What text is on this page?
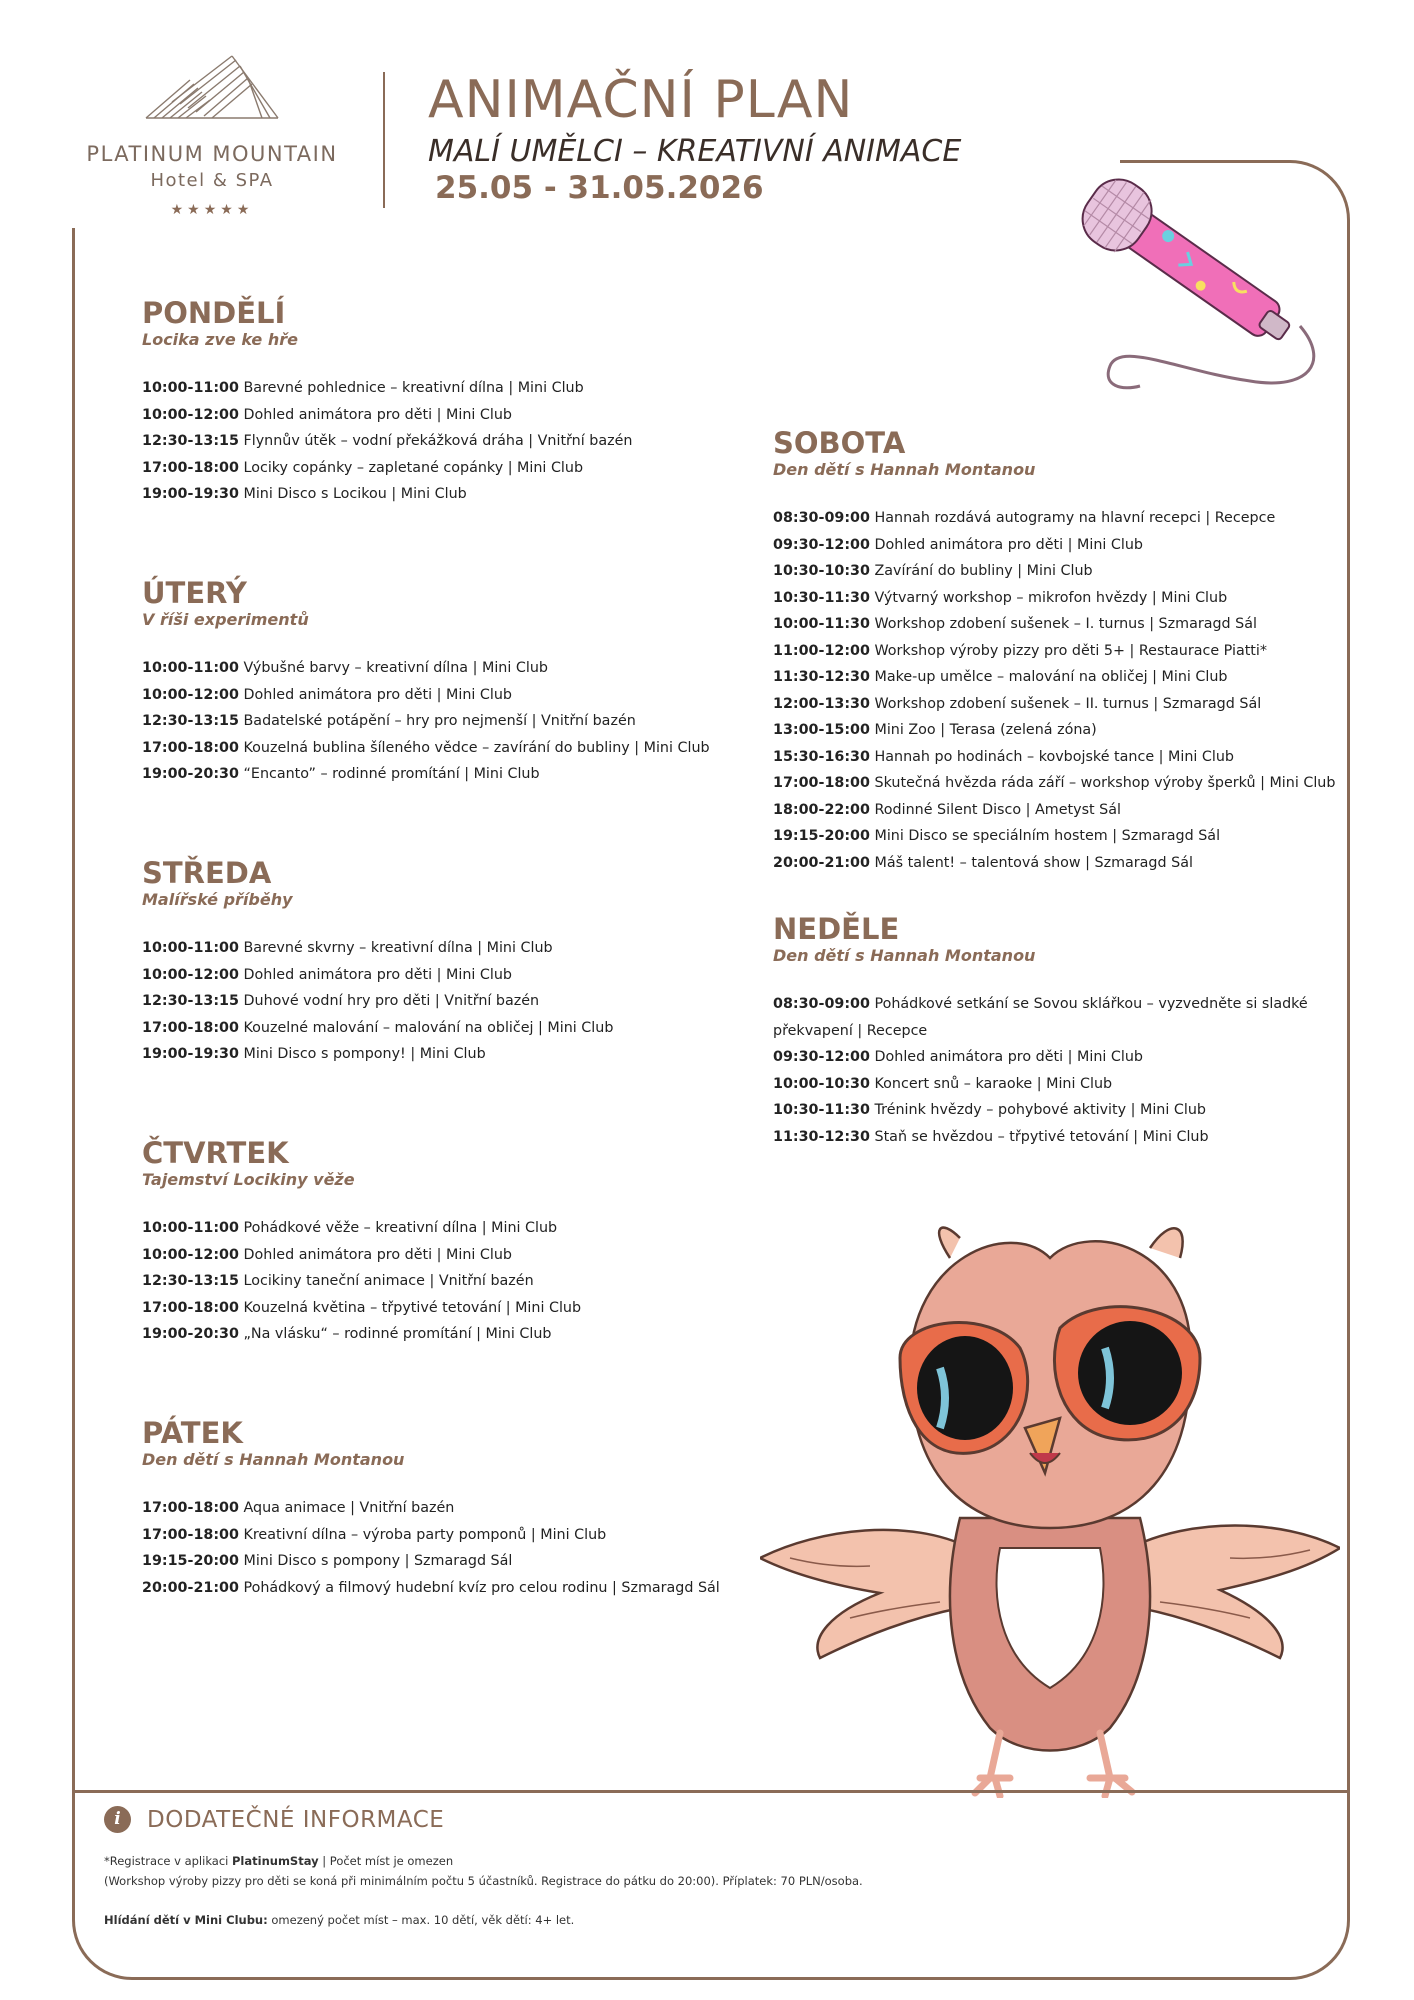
PLATINUM MOUNTAIN
Hotel & SPA
★★★★★
ANIMAČNÍ PLAN
MALÍ UMĚLCI – KREATIVNÍ ANIMACE
25.05 - 31.05.2026
PONDĚLÍ
Locika zve ke hře
10:00-11:00 Barevné pohlednice – kreativní dílna | Mini Club
10:00-12:00 Dohled animátora pro děti | Mini Club
12:30-13:15 Flynnův útěk – vodní překážková dráha | Vnitřní bazén
17:00-18:00 Lociky copánky – zapletané copánky | Mini Club
19:00-19:30 Mini Disco s Locikou | Mini Club
ÚTERÝ
V říši experimentů
10:00-11:00 Výbušné barvy – kreativní dílna | Mini Club
10:00-12:00 Dohled animátora pro děti | Mini Club
12:30-13:15 Badatelské potápění – hry pro nejmenší | Vnitřní bazén
17:00-18:00 Kouzelná bublina šíleného vědce – zavírání do bubliny | Mini Club
19:00-20:30 “Encanto” – rodinné promítání | Mini Club
STŘEDA
Malířské příběhy
10:00-11:00 Barevné skvrny – kreativní dílna | Mini Club
10:00-12:00 Dohled animátora pro děti | Mini Club
12:30-13:15 Duhové vodní hry pro děti | Vnitřní bazén
17:00-18:00 Kouzelné malování – malování na obličej | Mini Club
19:00-19:30 Mini Disco s pompony! | Mini Club
ČTVRTEK
Tajemství Locikiny věže
10:00-11:00 Pohádkové věže – kreativní dílna | Mini Club
10:00-12:00 Dohled animátora pro děti | Mini Club
12:30-13:15 Locikiny taneční animace | Vnitřní bazén
17:00-18:00 Kouzelná květina – třpytivé tetování | Mini Club
19:00-20:30 „Na vlásku“ – rodinné promítání | Mini Club
PÁTEK
Den dětí s Hannah Montanou
17:00-18:00 Aqua animace | Vnitřní bazén
17:00-18:00 Kreativní dílna – výroba party pomponů | Mini Club
19:15-20:00 Mini Disco s pompony | Szmaragd Sál
20:00-21:00 Pohádkový a filmový hudební kvíz pro celou rodinu | Szmaragd Sál
SOBOTA
Den dětí s Hannah Montanou
08:30-09:00 Hannah rozdává autogramy na hlavní recepci | Recepce
09:30-12:00 Dohled animátora pro děti | Mini Club
10:30-10:30 Zavírání do bubliny | Mini Club
10:30-11:30 Výtvarný workshop – mikrofon hvězdy | Mini Club
10:00-11:30 Workshop zdobení sušenek – I. turnus | Szmaragd Sál
11:00-12:00 Workshop výroby pizzy pro děti 5+ | Restaurace Piatti*
11:30-12:30 Make-up umělce – malování na obličej | Mini Club
12:00-13:30 Workshop zdobení sušenek – II. turnus | Szmaragd Sál
13:00-15:00 Mini Zoo | Terasa (zelená zóna)
15:30-16:30 Hannah po hodinách – kovbojské tance | Mini Club
17:00-18:00 Skutečná hvězda ráda září – workshop výroby šperků | Mini Club
18:00-22:00 Rodinné Silent Disco | Ametyst Sál
19:15-20:00 Mini Disco se speciálním hostem | Szmaragd Sál
20:00-21:00 Máš talent! – talentová show | Szmaragd Sál
NEDĚLE
Den dětí s Hannah Montanou
08:30-09:00 Pohádkové setkání se Sovou sklářkou – vyzvedněte si sladké překvapení | Recepce
09:30-12:00 Dohled animátora pro děti | Mini Club
10:00-10:30 Koncert snů – karaoke | Mini Club
10:30-11:30 Trénink hvězdy – pohybové aktivity | Mini Club
11:30-12:30 Staň se hvězdou – třpytivé tetování | Mini Club
i	DODATEČNÉ INFORMACE
*Registrace v aplikaci PlatinumStay | Počet míst je omezen
(Workshop výroby pizzy pro děti se koná při minimálním počtu 5 účastníků. Registrace do pátku do 20:00). Příplatek: 70 PLN/osoba.
Hlídání dětí v Mini Clubu: omezený počet míst – max. 10 dětí, věk dětí: 4+ let.
